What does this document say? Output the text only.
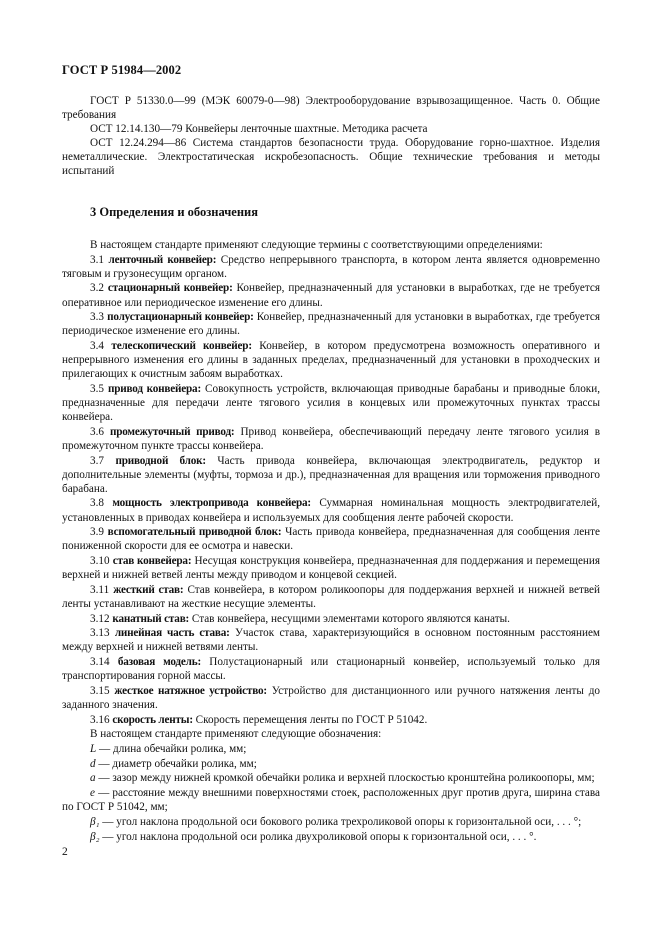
ГОСТ Р 51984—2002

ГОСТ Р 51330.0—99 (МЭК 60079-0—98) Электрооборудование взрывозащищенное. Часть 0. Общие требования

ОСТ 12.14.130—79 Конвейеры ленточные шахтные. Методика расчета

ОСТ 12.24.294—86 Система стандартов безопасности труда. Оборудование горно-шахтное. Изделия неметаллические. Электростатическая искробезопасность. Общие технические требования и методы испытаний

3 Определения и обозначения

В настоящем стандарте применяют следующие термины с соответствующими определениями:

3.1 ленточный конвейер: Средство непрерывного транспорта, в котором лента является одновременно тяговым и грузонесущим органом.

3.2 стационарный конвейер: Конвейер, предназначенный для установки в выработках, где не требуется оперативное или периодическое изменение его длины.

3.3 полустационарный конвейер: Конвейер, предназначенный для установки в выработках, где требуется периодическое изменение его длины.

3.4 телескопический конвейер: Конвейер, в котором предусмотрена возможность оперативного и непрерывного изменения его длины в заданных пределах, предназначенный для установки в проходческих и прилегающих к очистным забоям выработках.

3.5 привод конвейера: Совокупность устройств, включающая приводные барабаны и приводные блоки, предназначенные для передачи ленте тягового усилия в концевых или промежуточных пунктах трассы конвейера.

3.6 промежуточный привод: Привод конвейера, обеспечивающий передачу ленте тягового усилия в промежуточном пункте трассы конвейера.

3.7 приводной блок: Часть привода конвейера, включающая электродвигатель, редуктор и дополнительные элементы (муфты, тормоза и др.), предназначенная для вращения или торможения приводного барабана.

3.8 мощность электропривода конвейера: Суммарная номинальная мощность электродвигателей, установленных в приводах конвейера и используемых для сообщения ленте рабочей скорости.

3.9 вспомогательный приводной блок: Часть привода конвейера, предназначенная для сообщения ленте пониженной скорости для ее осмотра и навески.

3.10 став конвейера: Несущая конструкция конвейера, предназначенная для поддержания и перемещения верхней и нижней ветвей ленты между приводом и концевой секцией.

3.11 жесткий став: Став конвейера, в котором роликоопоры для поддержания верхней и нижней ветвей ленты устанавливают на жесткие несущие элементы.

3.12 канатный став: Став конвейера, несущими элементами которого являются канаты.

3.13 линейная часть става: Участок става, характеризующийся в основном постоянным расстоянием между верхней и нижней ветвями ленты.

3.14 базовая модель: Полустационарный или стационарный конвейер, используемый только для транспортирования горной массы.

3.15 жесткое натяжное устройство: Устройство для дистанционного или ручного натяжения ленты до заданного значения.

3.16 скорость ленты: Скорость перемещения ленты по ГОСТ Р 51042.

В настоящем стандарте применяют следующие обозначения:

L — длина обечайки ролика, мм;

d — диаметр обечайки ролика, мм;

a — зазор между нижней кромкой обечайки ролика и верхней плоскостью кронштейна роликоопоры, мм;

e — расстояние между внешними поверхностями стоек, расположенных друг против друга, ширина става по ГОСТ Р 51042, мм;

β₁ — угол наклона продольной оси бокового ролика трехроликовой опоры к горизонтальной оси, . . . °;

β₂ — угол наклона продольной оси ролика двухроликовой опоры к горизонтальной оси, . . . °.

2
